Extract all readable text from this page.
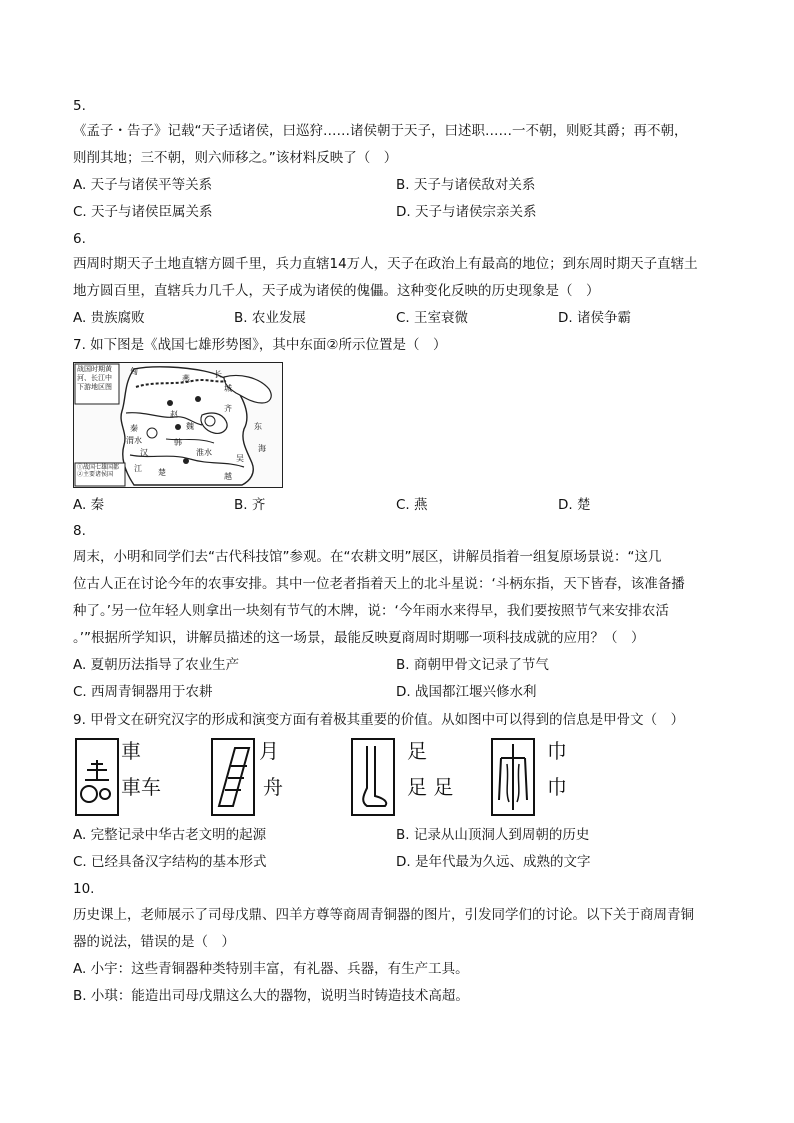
5.
《孟子・告子》记载“天子适诸侯，曰巡狩……诸侯朝于天子，曰述职……一不朝，则贬其爵；再不朝，
则削其地；三不朝，则六师移之。”该材料反映了（　）
A. 天子与诸侯平等关系	B. 天子与诸侯敌对关系
C. 天子与诸侯臣属关系	D. 天子与诸侯宗亲关系
6.
西周时期天子土地直辖方圆千里，兵力直辖14万人，天子在政治上有最高的地位；到东周时期天子直辖土
地方圆百里，直辖兵力几千人，天子成为诸侯的傀儡。这种变化反映的历史现象是（　）
A. 贵族腐败	B. 农业发展	C. 王室衰微	D. 诸侯争霸
7. 如下图是《战国七雄形势图》，其中东面②所示位置是（　）
战国时期黄河、长江中下游地区图
①战国七雄国都 ②主要诸侯国
匈
燕	长
城
赵
齐
魏
韩
秦
楚
淮水
渭水
汉
江
东
海
越
吴
A. 秦	B. 齐	C. 燕	D. 楚
8.
周末，小明和同学们去“古代科技馆”参观。在“农耕文明”展区，讲解员指着一组复原场景说：“这几
位古人正在讨论今年的农事安排。其中一位老者指着天上的北斗星说：‘斗柄东指，天下皆春，该准备播
种了。’另一位年轻人则拿出一块刻有节气的木牌，说：‘今年雨水来得早，我们要按照节气来安排农活
。’”根据所学知识，讲解员描述的这一场景，最能反映夏商周时期哪一项科技成就的应用？（　）
A. 夏朝历法指导了农业生产	B. 商朝甲骨文记录了节气
C. 西周青铜器用于农耕	D. 战国都江堰兴修水利
9. 甲骨文在研究汉字的形成和演变方面有着极其重要的价值。从如图中可以得到的信息是甲骨文（　）
車
車车
月
舟
足
足 足
巾
巾
A. 完整记录中华古老文明的起源	B. 记录从山顶洞人到周朝的历史
C. 已经具备汉字结构的基本形式	D. 是年代最为久远、成熟的文字
10.
历史课上，老师展示了司母戊鼎、四羊方尊等商周青铜器的图片，引发同学们的讨论。以下关于商周青铜
器的说法，错误的是（　）
A. 小宇：这些青铜器种类特别丰富，有礼器、兵器，有生产工具。
B. 小琪：能造出司母戊鼎这么大的器物，说明当时铸造技术高超。
